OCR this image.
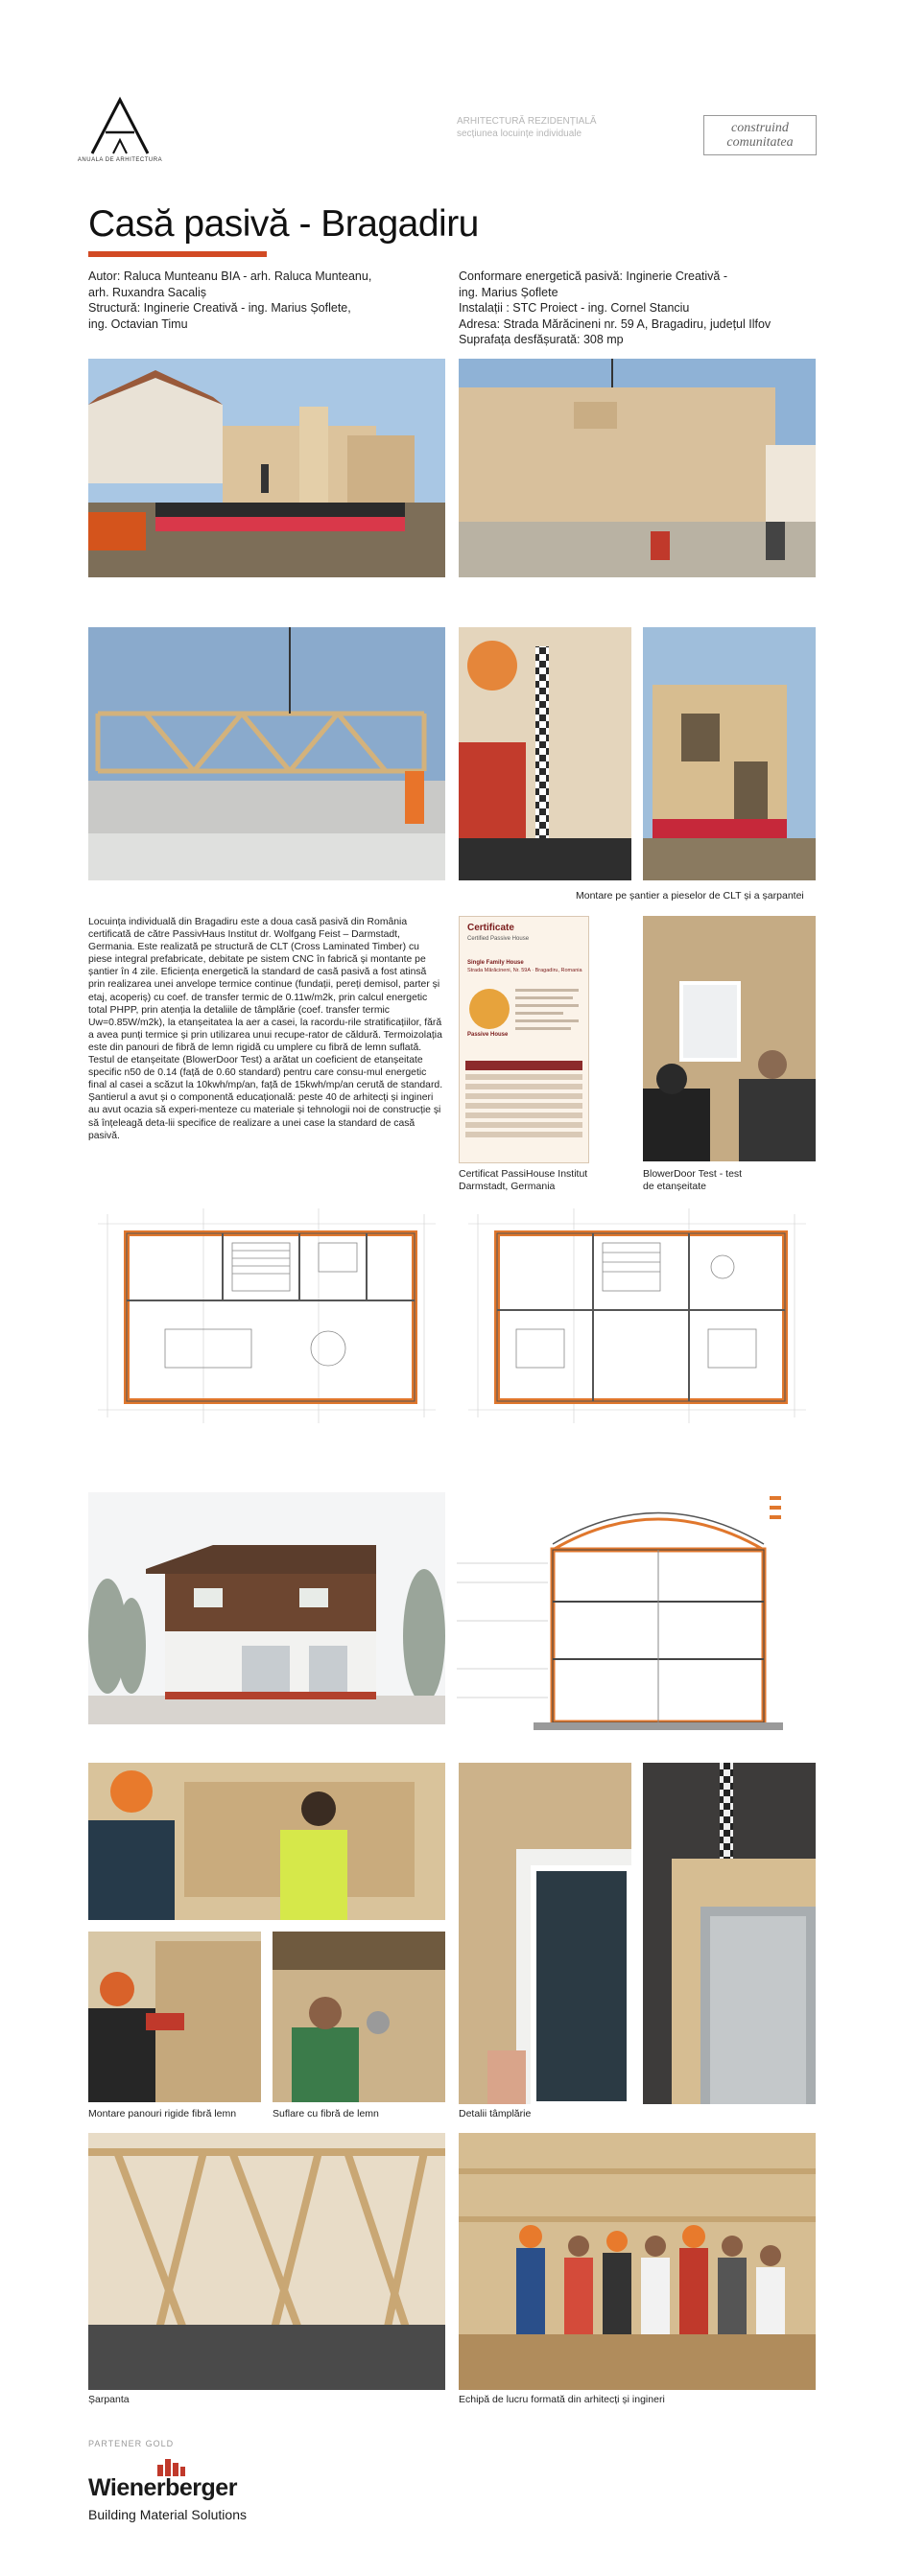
ANUALA DE ARHITECTURA
ARHITECTURĂ REZIDENȚIALĂ
secțiunea locuințe individuale	construind
comunitatea
Casă pasivă - Bragadiru
Autor: Raluca Munteanu BIA - arh. Raluca Munteanu,
arh. Ruxandra Sacaliș
Structură: Inginerie Creativă - ing. Marius Șoflete,
ing. Octavian Timu
Conformare energetică pasivă: Inginerie Creativă -
ing. Marius Șoflete
Instalații : STC Proiect - ing. Cornel Stanciu
Adresa: Strada Mărăcineni nr. 59 A, Bragadiru, județul Ilfov
Suprafața desfășurată: 308 mp
Montare pe șantier a pieselor de CLT și a șarpantei

Locuința individuală din Bragadiru este a doua casă pasivă din România certificată de către PassivHaus Institut dr. Wolfgang Feist – Darmstadt, Germania. Este realizată pe structură de CLT (Cross Laminated Timber) cu piese integral prefabricate, debitate pe sistem CNC în fabrică și montante pe șantier în 4 zile. Eficiența energetică la standard de casă pasivă a fost atinsă prin realizarea unei anvelope termice continue (fundații, pereți demisol, parter și etaj, acoperiș) cu coef. de transfer termic de 0.11w/m2k, prin calcul energetic total PHPP, prin atenția la detaliile de tâmplărie (coef. transfer termic Uw=0.85W/m2k), la etanșeitatea la aer a casei, la racordu-rile stratificațiilor, fără a avea punți termice și prin utilizarea unui recupe-rator de căldură. Termoizolația este din panouri de fibră de lemn rigidă cu umplere cu fibră de lemn suflată.

Testul de etanșeitate (BlowerDoor Test) a arătat un coeficient de etanșeitate specific n50 de 0.14 (față de 0.60 standard) pentru care consu-mul energetic final al casei a scăzut la 10kwh/mp/an, față de 15kwh/mp/an cerută de standard. Șantierul a avut și o componentă educațională: peste 40 de arhitecți și ingineri au avut ocazia să experi-menteze cu materiale și tehnologii noi de construcție și să înțeleagă deta-lii specifice de realizare a unei case la standard de casă pasivă.

Certificate
Certified Passive House
Single Family House
Strada Mărăcineni, Nr. 59A · Bragadiru, Romania
Passive House
Certificat PassiHouse Institut
Darmstadt, Germania
BlowerDoor Test - test
de etanșeitate
Montare panouri rigide fibră lemn	Suflare cu fibră de lemn	Detalii tâmplărie
Șarpanta	Echipă de lucru formată din arhitecți și ingineri
PARTENER GOLD
Wienerberger
Building Material Solutions
